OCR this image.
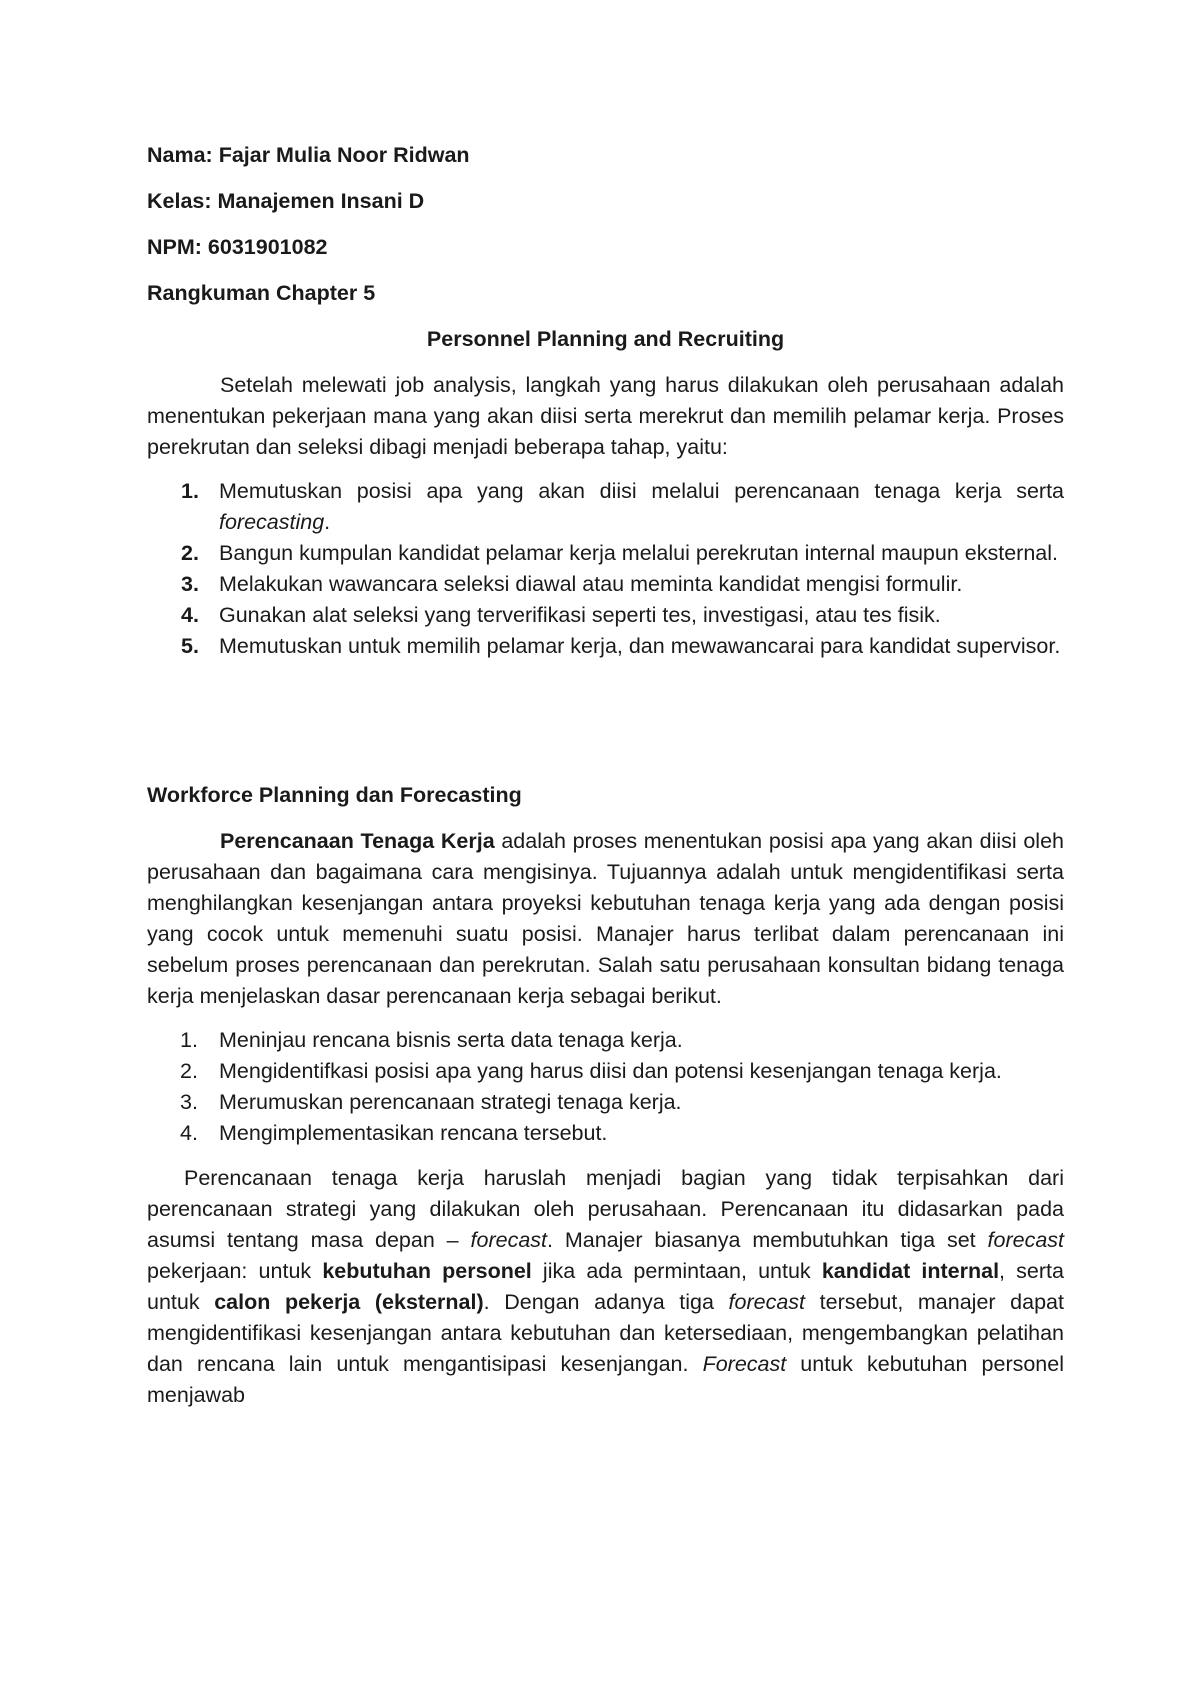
Nama: Fajar Mulia Noor Ridwan

Kelas: Manajemen Insani D

NPM: 6031901082

Rangkuman Chapter 5

Personnel Planning and Recruiting

Setelah melewati job analysis, langkah yang harus dilakukan oleh perusahaan adalah menentukan pekerjaan mana yang akan diisi serta merekrut dan memilih pelamar kerja. Proses perekrutan dan seleksi dibagi menjadi beberapa tahap, yaitu:

1. Memutuskan posisi apa yang akan diisi melalui perencanaan tenaga kerja serta forecasting.
2. Bangun kumpulan kandidat pelamar kerja melalui perekrutan internal maupun eksternal.
3. Melakukan wawancara seleksi diawal atau meminta kandidat mengisi formulir.
4. Gunakan alat seleksi yang terverifikasi seperti tes, investigasi, atau tes fisik.
5. Memutuskan untuk memilih pelamar kerja, dan mewawancarai para kandidat supervisor.

Workforce Planning dan Forecasting

Perencanaan Tenaga Kerja adalah proses menentukan posisi apa yang akan diisi oleh perusahaan dan bagaimana cara mengisinya. Tujuannya adalah untuk mengidentifikasi serta menghilangkan kesenjangan antara proyeksi kebutuhan tenaga kerja yang ada dengan posisi yang cocok untuk memenuhi suatu posisi. Manajer harus terlibat dalam perencanaan ini sebelum proses perencanaan dan perekrutan. Salah satu perusahaan konsultan bidang tenaga kerja menjelaskan dasar perencanaan kerja sebagai berikut.

1. Meninjau rencana bisnis serta data tenaga kerja.
2. Mengidentifkasi posisi apa yang harus diisi dan potensi kesenjangan tenaga kerja.
3. Merumuskan perencanaan strategi tenaga kerja.
4. Mengimplementasikan rencana tersebut.

Perencanaan tenaga kerja haruslah menjadi bagian yang tidak terpisahkan dari perencanaan strategi yang dilakukan oleh perusahaan. Perencanaan itu didasarkan pada asumsi tentang masa depan – forecast. Manajer biasanya membutuhkan tiga set forecast pekerjaan: untuk kebutuhan personel jika ada permintaan, untuk kandidat internal, serta untuk calon pekerja (eksternal). Dengan adanya tiga forecast tersebut, manajer dapat mengidentifikasi kesenjangan antara kebutuhan dan ketersediaan, mengembangkan pelatihan dan rencana lain untuk mengantisipasi kesenjangan. Forecast untuk kebutuhan personel menjawab
